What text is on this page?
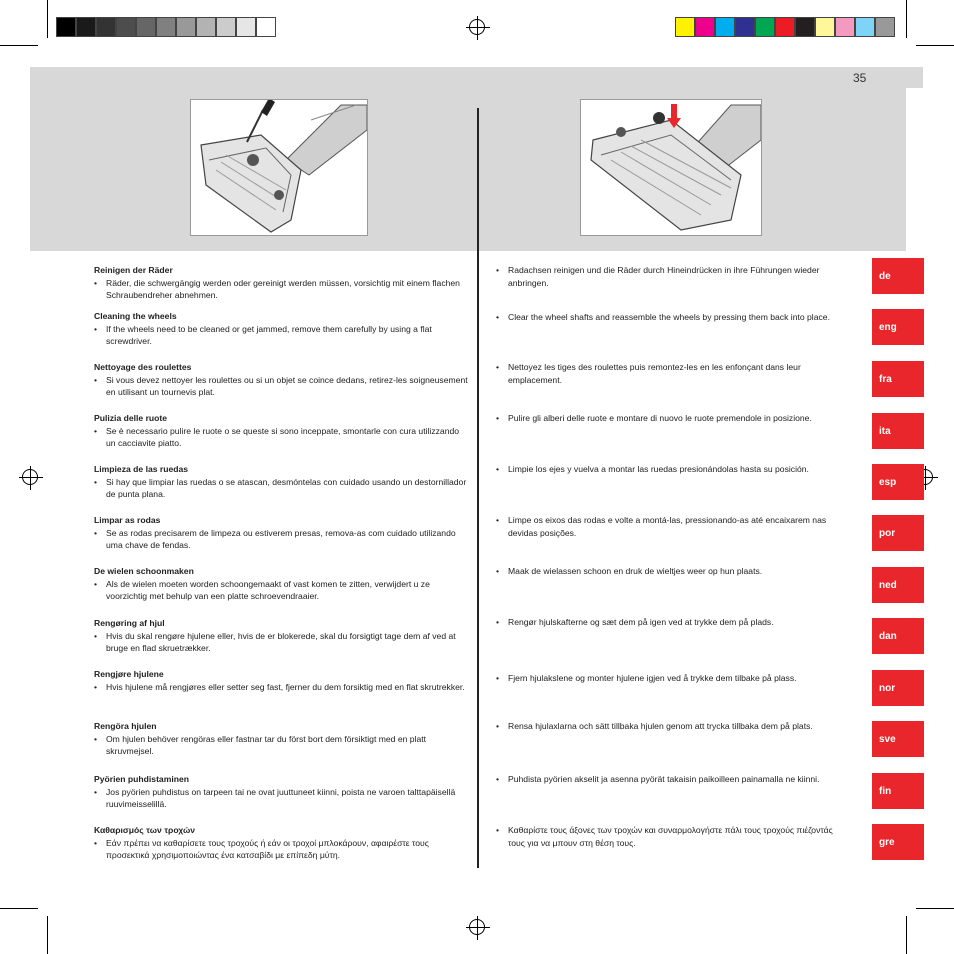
35
Reinigen der Räder
• Räder, die schwergängig werden oder gereinigt werden müssen, vorsichtig mit einem flachen Schraubendreher abnehmen.
• Radachsen reinigen und die Räder durch Hineindrücken in ihre Führungen wieder anbringen.
de
Cleaning the wheels
• If the wheels need to be cleaned or get jammed, remove them carefully by using a flat screwdriver.
• Clear the wheel shafts and reassemble the wheels by pressing them back into place.
eng
Nettoyage des roulettes
• Si vous devez nettoyer les roulettes ou si un objet se coince dedans, retirez-les soigneusement en utilisant un tournevis plat.
• Nettoyez les tiges des roulettes puis remontez-les en les enfonçant dans leur emplacement.	fra
Pulizia delle ruote
• Se è necessario pulire le ruote o se queste si sono inceppate, smontarle con cura utilizzando un cacciavite piatto.
• Pulire gli alberi delle ruote e montare di nuovo le ruote premendole in posizione.
ita
Limpieza de las ruedas
• Si hay que limpiar las ruedas o se atascan, desmóntelas con cuidado usando un destornillador de punta plana.
• Limpie los ejes y vuelva a montar las ruedas presionándolas hasta su posición.
esp
Limpar as rodas
• Se as rodas precisarem de limpeza ou estiverem presas, remova-as com cuidado utilizando uma chave de fendas.
• Limpe os eixos das rodas e volte a montá-las, pressionando-as até encaixarem nas devidas posições.	por
De wielen schoonmaken
• Als de wielen moeten worden schoongemaakt of vast komen te zitten, verwijdert u ze voorzichtig met behulp van een platte schroevendraaier.
• Maak de wielassen schoon en druk de wieltjes weer op hun plaats.
ned
Rengøring af hjul
• Hvis du skal rengøre hjulene eller, hvis de er blokerede, skal du forsigtigt tage dem af ved at bruge en flad skruetrækker.
• Rengør hjulskafterne og sæt dem på igen ved at trykke dem på plads.
dan
Rengjøre hjulene
• Hvis hjulene må rengjøres eller setter seg fast, fjerner du dem forsiktig med en flat skrutrekker.
• Fjern hjulakslene og monter hjulene igjen ved å trykke dem tilbake på plass.
nor
Rengöra hjulen
• Om hjulen behöver rengöras eller fastnar tar du först bort dem försiktigt med en platt skruvmejsel.
• Rensa hjulaxlarna och sätt tillbaka hjulen genom att trycka tillbaka dem på plats.
sve
Pyörien puhdistaminen
• Jos pyörien puhdistus on tarpeen tai ne ovat juuttuneet kiinni, poista ne varoen talttapäisellä ruuvimeisselillä.
• Puhdista pyörien akselit ja asenna pyörät takaisin paikoilleen painamalla ne kiinni.
fin
Καθαρισμός των τροχών
• Εάν πρέπει να καθαρίσετε τους τροχούς ή εάν οι τροχοί μπλοκάρουν, αφαιρέστε τους προσεκτικά χρησιμοποιώντας ένα κατσαβίδι με επίπεδη μύτη.
• Καθαρίστε τους άξονες των τροχών και συναρμολογήστε πάλι τους τροχούς πιέζοντάς τους για να μπουν στη θέση τους.	gre
